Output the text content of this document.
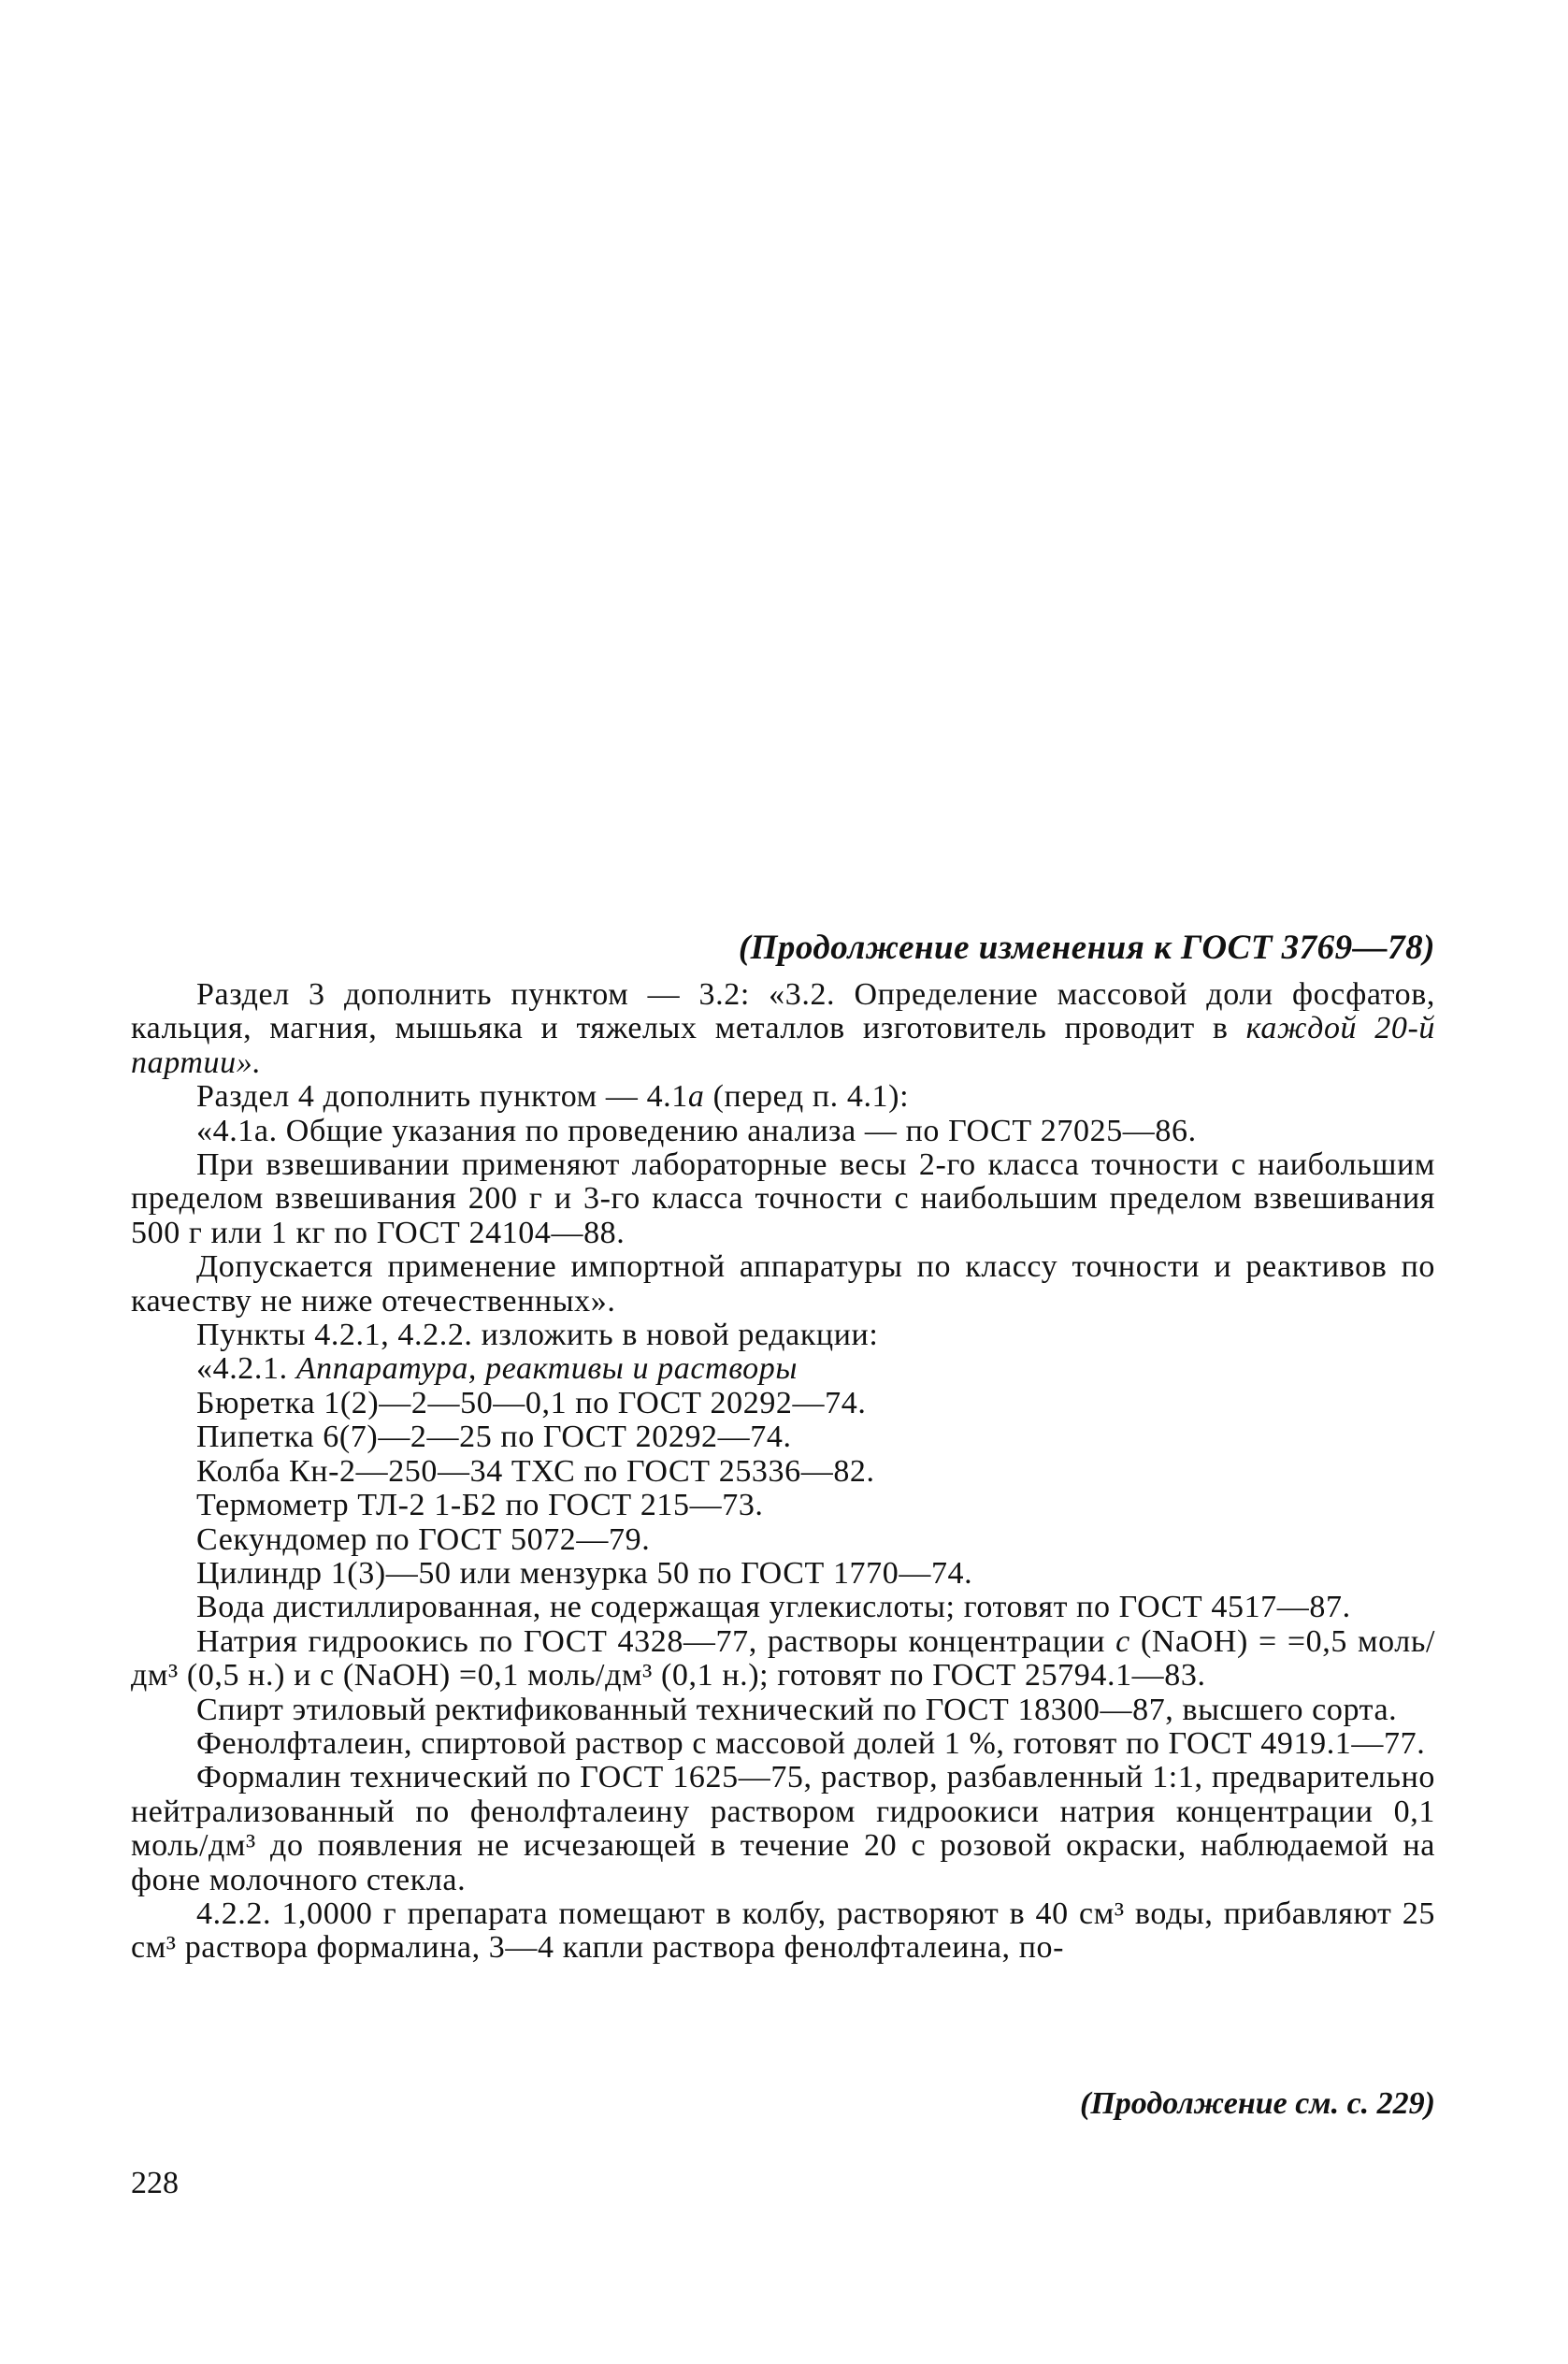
(Продолжение изменения к ГОСТ 3769—78)

Раздел 3 дополнить пунктом — 3.2: «3.2. Определение массовой доли фосфатов, кальция, магния, мышьяка и тяжелых металлов изготовитель проводит в каждой 20-й партии».

Раздел 4 дополнить пунктом — 4.1а (перед п. 4.1):

«4.1а. Общие указания по проведению анализа — по ГОСТ 27025—86.

При взвешивании применяют лабораторные весы 2-го класса точности с наибольшим пределом взвешивания 200 г и 3-го класса точности с наибольшим пределом взвешивания 500 г или 1 кг по ГОСТ 24104—88.

Допускается применение импортной аппаратуры по классу точности и реактивов по качеству не ниже отечественных».

Пункты 4.2.1, 4.2.2. изложить в новой редакции:

«4.2.1. Аппаратура, реактивы и растворы

Бюретка 1(2)—2—50—0,1 по ГОСТ 20292—74.

Пипетка 6(7)—2—25 по ГОСТ 20292—74.

Колба Кн-2—250—34 ТХС по ГОСТ 25336—82.

Термометр ТЛ-2 1-Б2 по ГОСТ 215—73.

Секундомер по ГОСТ 5072—79.

Цилиндр 1(3)—50 или мензурка 50 по ГОСТ 1770—74.

Вода дистиллированная, не содержащая углекислоты; готовят по ГОСТ 4517—87.

Натрия гидроокись по ГОСТ 4328—77, растворы концентрации c (NaOH) = =0,5 моль/дм³ (0,5 н.) и с (NaOH) =0,1 моль/дм³ (0,1 н.); готовят по ГОСТ 25794.1—83.

Спирт этиловый ректификованный технический по ГОСТ 18300—87, высшего сорта.

Фенолфталеин, спиртовой раствор с массовой долей 1 %, готовят по ГОСТ 4919.1—77.

Формалин технический по ГОСТ 1625—75, раствор, разбавленный 1:1, предварительно нейтрализованный по фенолфталеину раствором гидроокиси натрия концентрации 0,1 моль/дм³ до появления не исчезающей в течение 20 с розовой окраски, наблюдаемой на фоне молочного стекла.

4.2.2. 1,0000 г препарата помещают в колбу, растворяют в 40 см³ воды, прибавляют 25 см³ раствора формалина, 3—4 капли раствора фенолфталеина, по-

(Продолжение см. с. 229)
228
